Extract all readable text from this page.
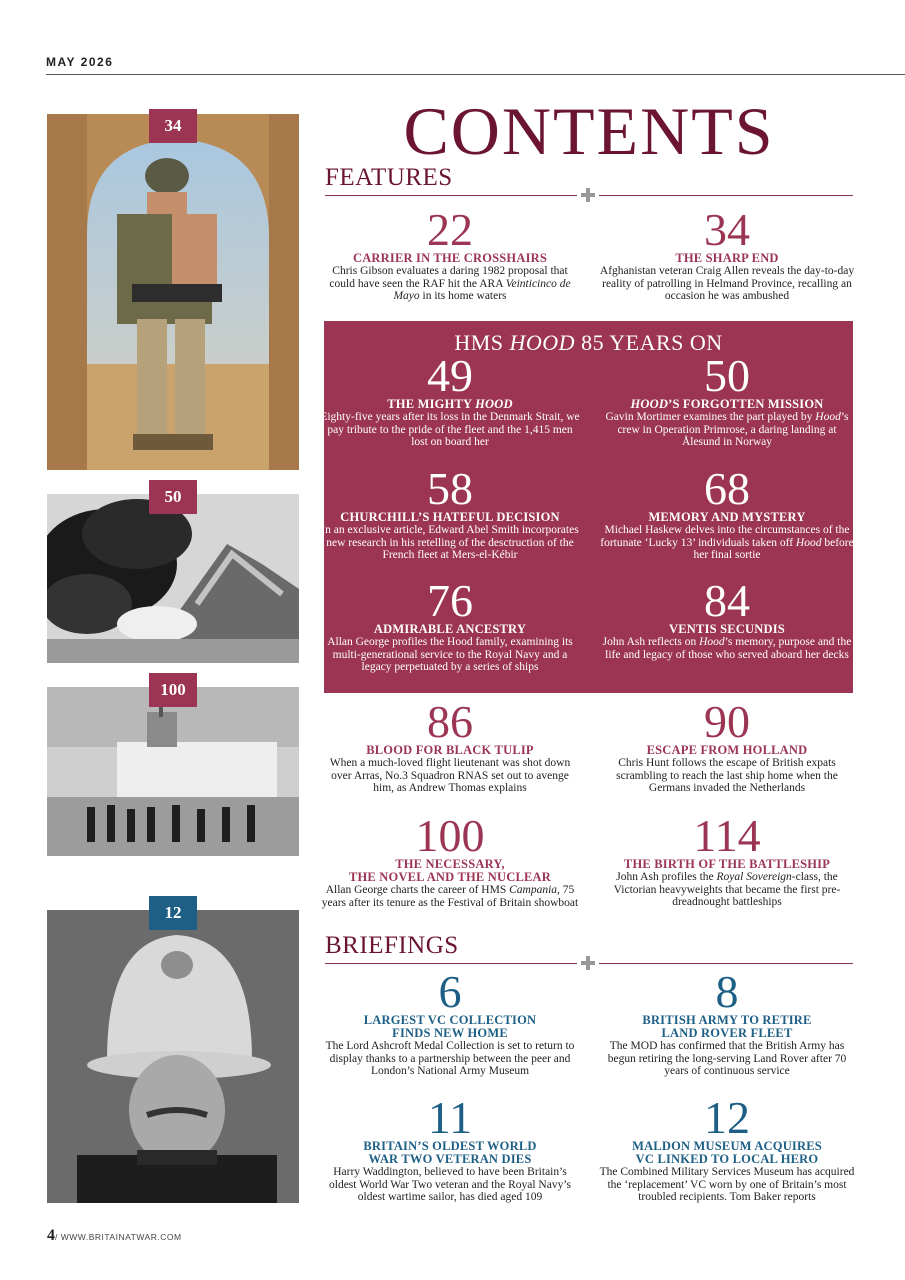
MAY 2026
34
50
100
12
CONTENTS
FEATURES
22
CARRIER IN THE CROSSHAIRS
Chris Gibson evaluates a daring 1982 proposal that could have seen the RAF hit the ARA Veinticinco de Mayo in its home waters
34
THE SHARP END
Afghanistan veteran Craig Allen reveals the day-to-day reality of patrolling in Helmand Province, recalling an occasion he was ambushed
HMS HOOD 85 YEARS ON
49
THE MIGHTY HOOD
Eighty-five years after its loss in the Denmark Strait, we pay tribute to the pride of the fleet and the 1,415 men lost on board her
50
HOOD’S FORGOTTEN MISSION
Gavin Mortimer examines the part played by Hood’s crew in Operation Primrose, a daring landing at Ålesund in Norway
58
CHURCHILL’S HATEFUL DECISION
In an exclusive article, Edward Abel Smith incorporates new research in his retelling of the desctruction of the French fleet at Mers-el-Kébir
68
MEMORY AND MYSTERY
Michael Haskew delves into the circumstances of the fortunate ‘Lucky 13’ individuals taken off Hood before her final sortie
76
ADMIRABLE ANCESTRY
Allan George profiles the Hood family, examining its multi-generational service to the Royal Navy and a legacy perpetuated by a series of ships
84
VENTIS SECUNDIS
John Ash reflects on Hood’s memory, purpose and the life and legacy of those who served aboard her decks
86
BLOOD FOR BLACK TULIP
When a much-loved flight lieutenant was shot down over Arras, No.3 Squadron RNAS set out to avenge him, as Andrew Thomas explains
90
ESCAPE FROM HOLLAND
Chris Hunt follows the escape of British expats scrambling to reach the last ship home when the Germans invaded the Netherlands
100
THE NECESSARY,
THE NOVEL AND THE NUCLEAR
Allan George charts the career of HMS Campania, 75 years after its tenure as the Festival of Britain showboat
114
THE BIRTH OF THE BATTLESHIP
John Ash profiles the Royal Sovereign-class, the Victorian heavyweights that became the first pre-dreadnought battleships
BRIEFINGS
6
LARGEST VC COLLECTION
FINDS NEW HOME
The Lord Ashcroft Medal Collection is set to return to display thanks to a partnership between the peer and London’s National Army Museum
8
BRITISH ARMY TO RETIRE
LAND ROVER FLEET
The MOD has confirmed that the British Army has begun retiring the long-serving Land Rover after 70 years of continuous service
11
BRITAIN’S OLDEST WORLD
WAR TWO VETERAN DIES
Harry Waddington, believed to have been Britain’s oldest World War Two veteran and the Royal Navy’s oldest wartime sailor, has died aged 109
12
MALDON MUSEUM ACQUIRES
VC LINKED TO LOCAL HERO
The Combined Military Services Museum has acquired the ‘replacement’ VC worn by one of Britain’s most troubled recipients. Tom Baker reports
4/ WWW.BRITAINATWAR.COM
